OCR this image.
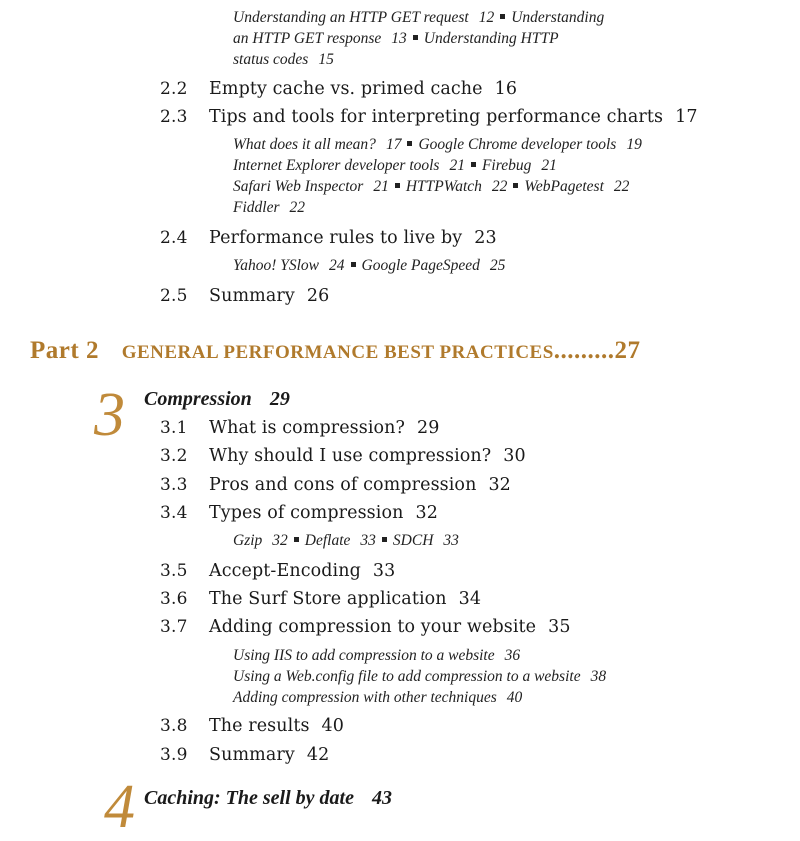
Understanding an HTTP GET request 12 Understanding
an HTTP GET response 13 Understanding HTTP
status codes 15
2.2 Empty cache vs. primed cache 16
2.3 Tips and tools for interpreting performance charts 17
What does it all mean? 17 Google Chrome developer tools 19
Internet Explorer developer tools 21 Firebug 21
Safari Web Inspector 21 HTTPWatch 22 WebPagetest 22
Fiddler 22
2.4 Performance rules to live by 23
Yahoo! YSlow 24 Google PageSpeed 25
2.5 Summary 26
Part 2 GENERAL PERFORMANCE BEST PRACTICES.........27
3 Compression 29
3.1 What is compression? 29
3.2 Why should I use compression? 30
3.3 Pros and cons of compression 32
3.4 Types of compression 32
Gzip 32 Deflate 33 SDCH 33
3.5 Accept-Encoding 33
3.6 The Surf Store application 34
3.7 Adding compression to your website 35
Using IIS to add compression to a website 36
Using a Web.config file to add compression to a website 38
Adding compression with other techniques 40
3.8 The results 40
3.9 Summary 42
4 Caching: The sell by date 43
